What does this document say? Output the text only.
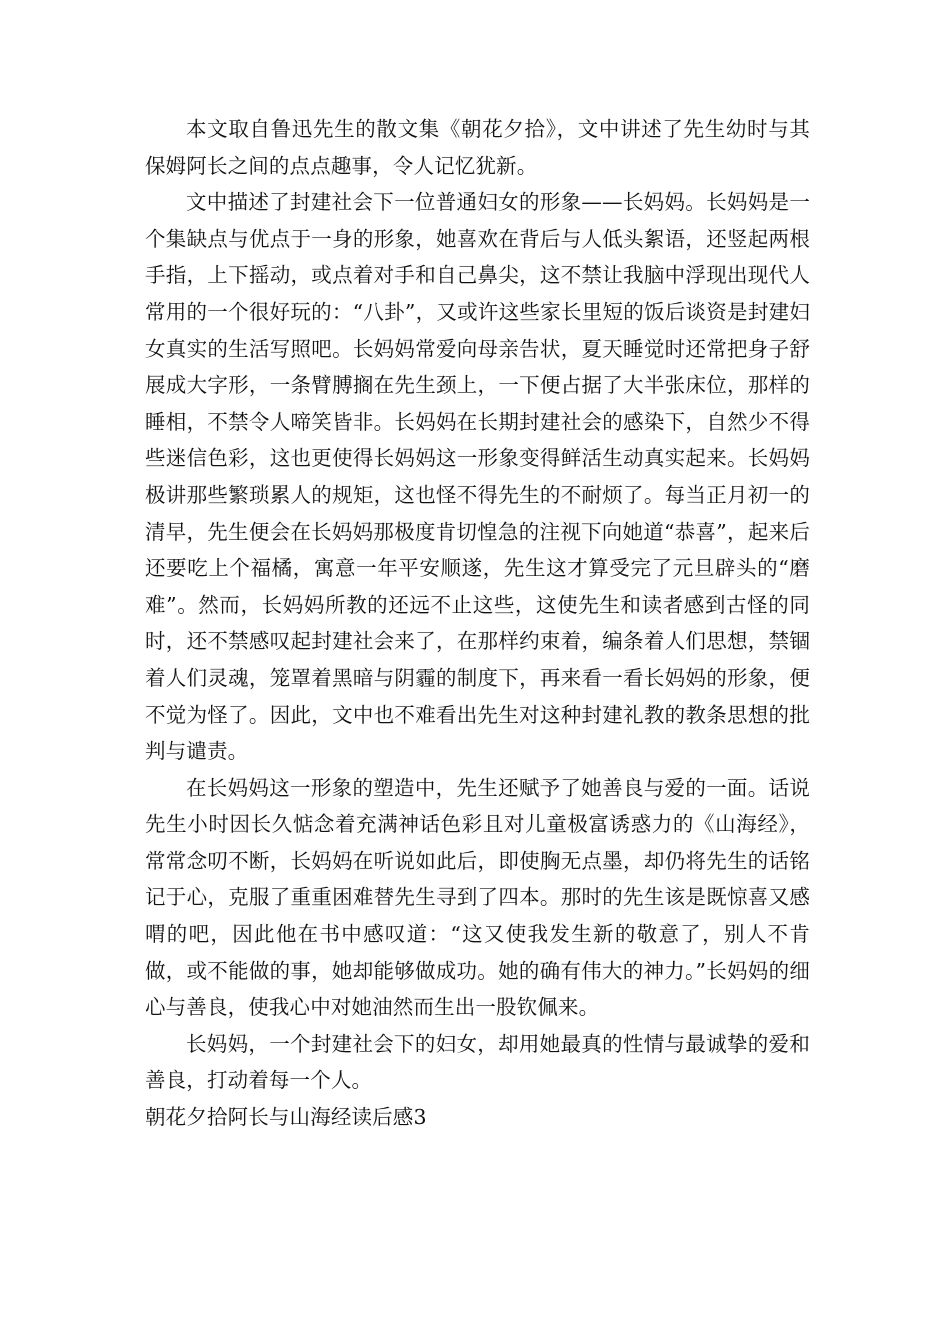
本文取自鲁迅先生的散文集《朝花夕拾》，文中讲述了先生幼时与其保姆阿长之间的点点趣事，令人记忆犹新。

文中描述了封建社会下一位普通妇女的形象——长妈妈。长妈妈是一个集缺点与优点于一身的形象，她喜欢在背后与人低头絮语，还竖起两根手指，上下摇动，或点着对手和自己鼻尖，这不禁让我脑中浮现出现代人常用的一个很好玩的：“八卦”，又或许这些家长里短的饭后谈资是封建妇女真实的生活写照吧。长妈妈常爱向母亲告状，夏天睡觉时还常把身子舒展成大字形，一条臂膊搁在先生颈上，一下便占据了大半张床位，那样的睡相，不禁令人啼笑皆非。长妈妈在长期封建社会的感染下，自然少不得些迷信色彩，这也更使得长妈妈这一形象变得鲜活生动真实起来。长妈妈极讲那些繁琐累人的规矩，这也怪不得先生的不耐烦了。每当正月初一的清早，先生便会在长妈妈那极度肯切惶急的注视下向她道“恭喜”，起来后还要吃上个福橘，寓意一年平安顺遂，先生这才算受完了元旦辟头的“磨难”。然而，长妈妈所教的还远不止这些，这使先生和读者感到古怪的同时，还不禁感叹起封建社会来了，在那样约束着，编条着人们思想，禁锢着人们灵魂，笼罩着黑暗与阴霾的制度下，再来看一看长妈妈的形象，便不觉为怪了。因此，文中也不难看出先生对这种封建礼教的教条思想的批判与谴责。

在长妈妈这一形象的塑造中，先生还赋予了她善良与爱的一面。话说先生小时因长久惦念着充满神话色彩且对儿童极富诱惑力的《山海经》，常常念叨不断，长妈妈在听说如此后，即使胸无点墨，却仍将先生的话铭记于心，克服了重重困难替先生寻到了四本。那时的先生该是既惊喜又感喟的吧，因此他在书中感叹道：“这又使我发生新的敬意了，别人不肯做，或不能做的事，她却能够做成功。她的确有伟大的神力。”长妈妈的细心与善良，使我心中对她油然而生出一股钦佩来。

长妈妈，一个封建社会下的妇女，却用她最真的性情与最诚挚的爱和善良，打动着每一个人。

朝花夕拾阿长与山海经读后感3
